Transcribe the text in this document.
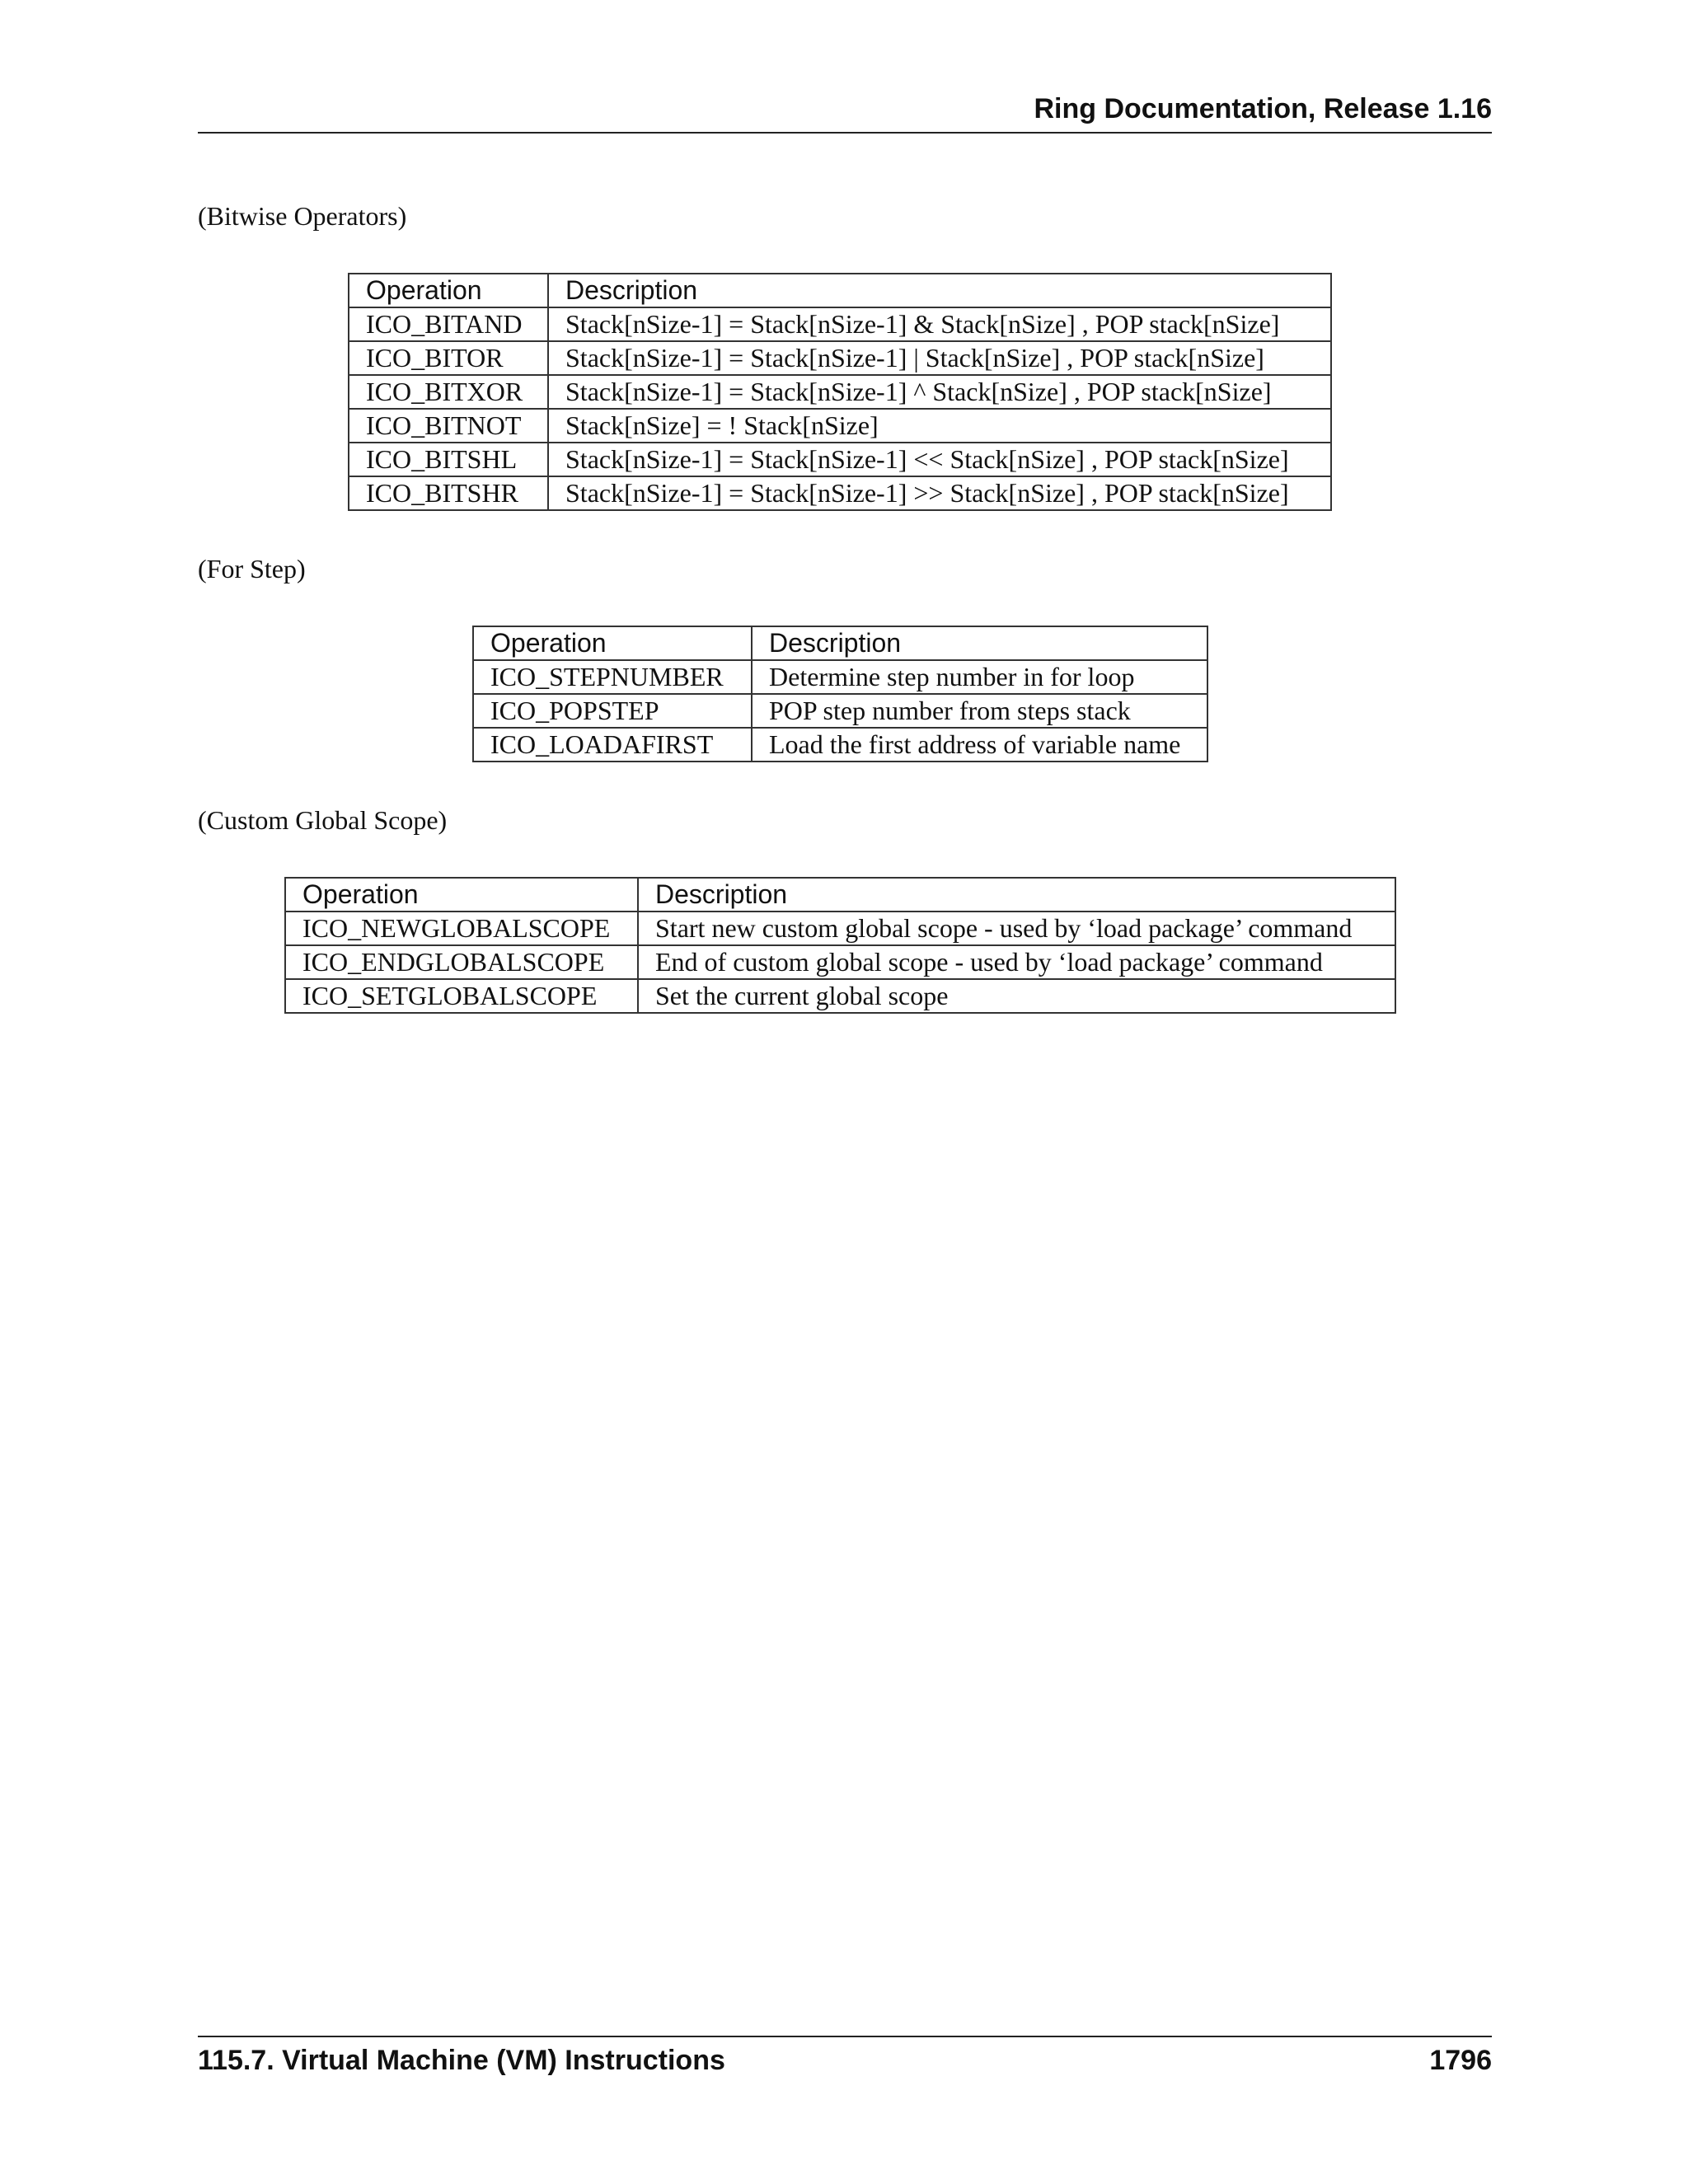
Ring Documentation, Release 1.16
(Bitwise Operators)
Operation	Description
ICO_BITAND	Stack[nSize-1] = Stack[nSize-1] & Stack[nSize] , POP stack[nSize]
ICO_BITOR	Stack[nSize-1] = Stack[nSize-1] | Stack[nSize] , POP stack[nSize]
ICO_BITXOR	Stack[nSize-1] = Stack[nSize-1] ^ Stack[nSize] , POP stack[nSize]
ICO_BITNOT	Stack[nSize] = ! Stack[nSize]
ICO_BITSHL	Stack[nSize-1] = Stack[nSize-1] << Stack[nSize] , POP stack[nSize]
ICO_BITSHR	Stack[nSize-1] = Stack[nSize-1] >> Stack[nSize] , POP stack[nSize]
(For Step)
Operation	Description
ICO_STEPNUMBER	Determine step number in for loop
ICO_POPSTEP	POP step number from steps stack
ICO_LOADAFIRST	Load the first address of variable name
(Custom Global Scope)
Operation	Description
ICO_NEWGLOBALSCOPE	Start new custom global scope - used by ‘load package’ command
ICO_ENDGLOBALSCOPE	End of custom global scope - used by ‘load package’ command
ICO_SETGLOBALSCOPE	Set the current global scope
115.7. Virtual Machine (VM) Instructions	1796
